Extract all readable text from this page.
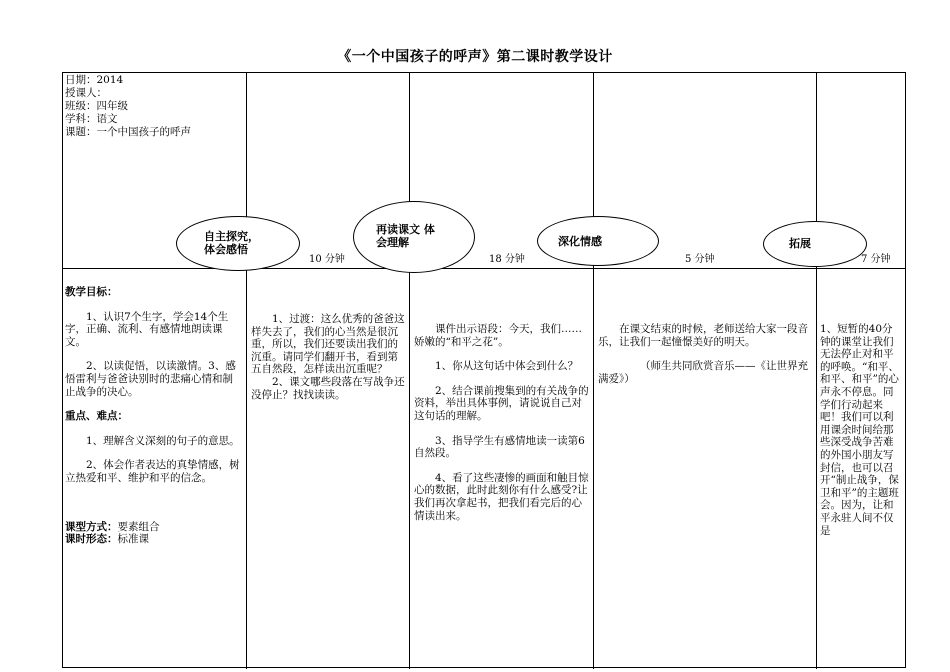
《一个中国孩子的呼声》第二课时教学设计
日期：2014
授课人：
班级：四年级
学科：语文
课题：一个中国孩子的呼声
自主探究，
体会感悟
10 分钟
再读课文 体
会理解
18 分钟
深化情感
5 分钟
拓展
7 分钟
教学目标：

1、认识7个生字，学会14个生字，正确、流利、有感情地朗读课文。

2、以读促悟，以读激情。3、感悟雷利与爸爸诀别时的悲痛心情和制止战争的决心。

重点、难点：

1、理解含义深刻的句子的意思。

2、体会作者表达的真挚情感，树立热爱和平、维护和平的信念。

课型方式：要素组合
课时形态：标准课

1、过渡：这么优秀的爸爸这样失去了，我们的心当然是很沉重，所以，我们还要读出我们的沉重。请同学们翻开书，看到第五自然段，怎样读出沉重呢？

2、课文哪些段落在写战争还没停止？找找读读。

课件出示语段：今天，我们……娇嫩的“和平之花”。

1、你从这句话中体会到什么？

2、结合课前搜集到的有关战争的资料，举出具体事例，请说说自己对这句话的理解。

3、指导学生有感情地读一读第6自然段。

4、看了这些凄惨的画面和触目惊心的数据，此时此刻你有什么感受?让我们再次拿起书，把我们看完后的心情读出来。

在课文结束的时候，老师送给大家一段音乐，让我们一起憧憬美好的明天。

（师生共同欣赏音乐——《让世界充满爱》）

1、短暂的40分钟的课堂让我们无法停止对和平的呼唤。“和平、和平、和平”的心声永不停息。同学们行动起来吧！我们可以利用课余时间给那些深受战争苦难的外国小朋友写封信，也可以召开“制止战争，保卫和平”的主题班会。因为，让和平永驻人间不仅是
